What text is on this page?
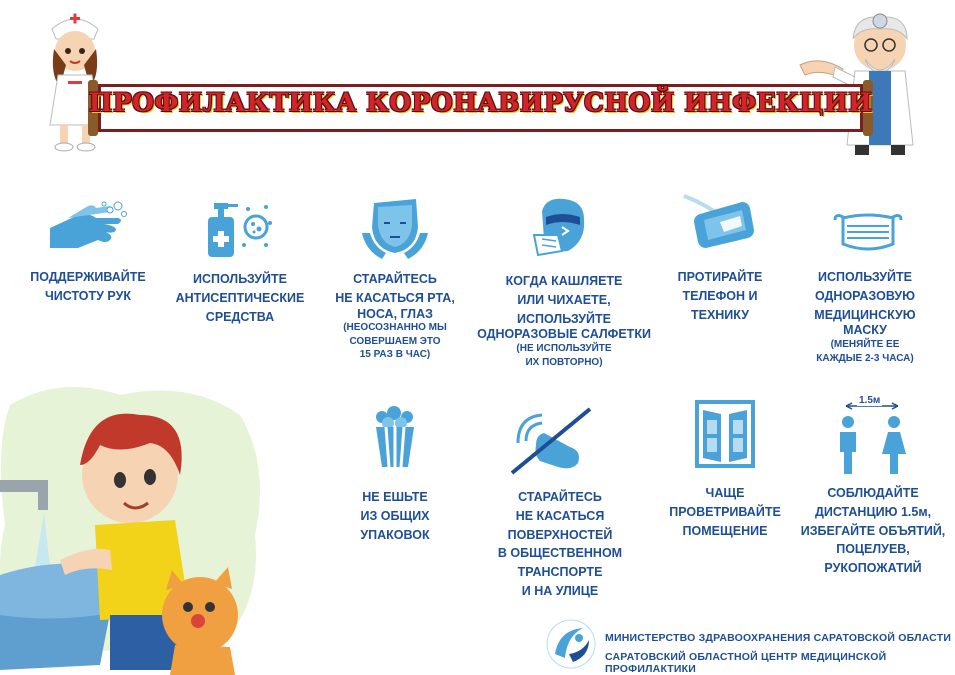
ПРОФИЛАКТИКА КОРОНАВИРУСНОЙ ИНФЕКЦИИ
1.5м
ПОДДЕРЖИВАЙТЕ
ЧИСТОТУ РУК
ИСПОЛЬЗУЙТЕ
АНТИСЕПТИЧЕСКИЕ
СРЕДСТВА
СТАРАЙТЕСЬ
НЕ КАСАТЬСЯ РТА,
НОСА, ГЛАЗ
(НЕОСОЗНАННО МЫ
СОВЕРШАЕМ ЭТО
15 РАЗ В ЧАС)
КОГДА КАШЛЯЕТЕ
ИЛИ ЧИХАЕТЕ,
ИСПОЛЬЗУЙТЕ
ОДНОРАЗОВЫЕ САЛФЕТКИ
(НЕ ИСПОЛЬЗУЙТЕ
ИХ ПОВТОРНО)
ПРОТИРАЙТЕ
ТЕЛЕФОН И
ТЕХНИКУ
ИСПОЛЬЗУЙТЕ
ОДНОРАЗОВУЮ
МЕДИЦИНСКУЮ
МАСКУ
(МЕНЯЙТЕ ЕЕ
КАЖДЫЕ 2-3 ЧАСА)
НЕ ЕШЬТЕ
ИЗ ОБЩИХ
УПАКОВОК
СТАРАЙТЕСЬ
НЕ КАСАТЬСЯ
ПОВЕРХНОСТЕЙ
В ОБЩЕСТВЕННОМ
ТРАНСПОРТЕ
И НА УЛИЦЕ
ЧАЩЕ
ПРОВЕТРИВАЙТЕ
ПОМЕЩЕНИЕ
СОБЛЮДАЙТЕ
ДИСТАНЦИЮ 1.5м,
ИЗБЕГАЙТЕ ОБЪЯТИЙ,
ПОЦЕЛУЕВ,
РУКОПОЖАТИЙ
МИНИСТЕРСТВО ЗДРАВООХРАНЕНИЯ САРАТОВСКОЙ ОБЛАСТИ
САРАТОВСКИЙ ОБЛАСТНОЙ ЦЕНТР МЕДИЦИНСКОЙ ПРОФИЛАКТИКИ
